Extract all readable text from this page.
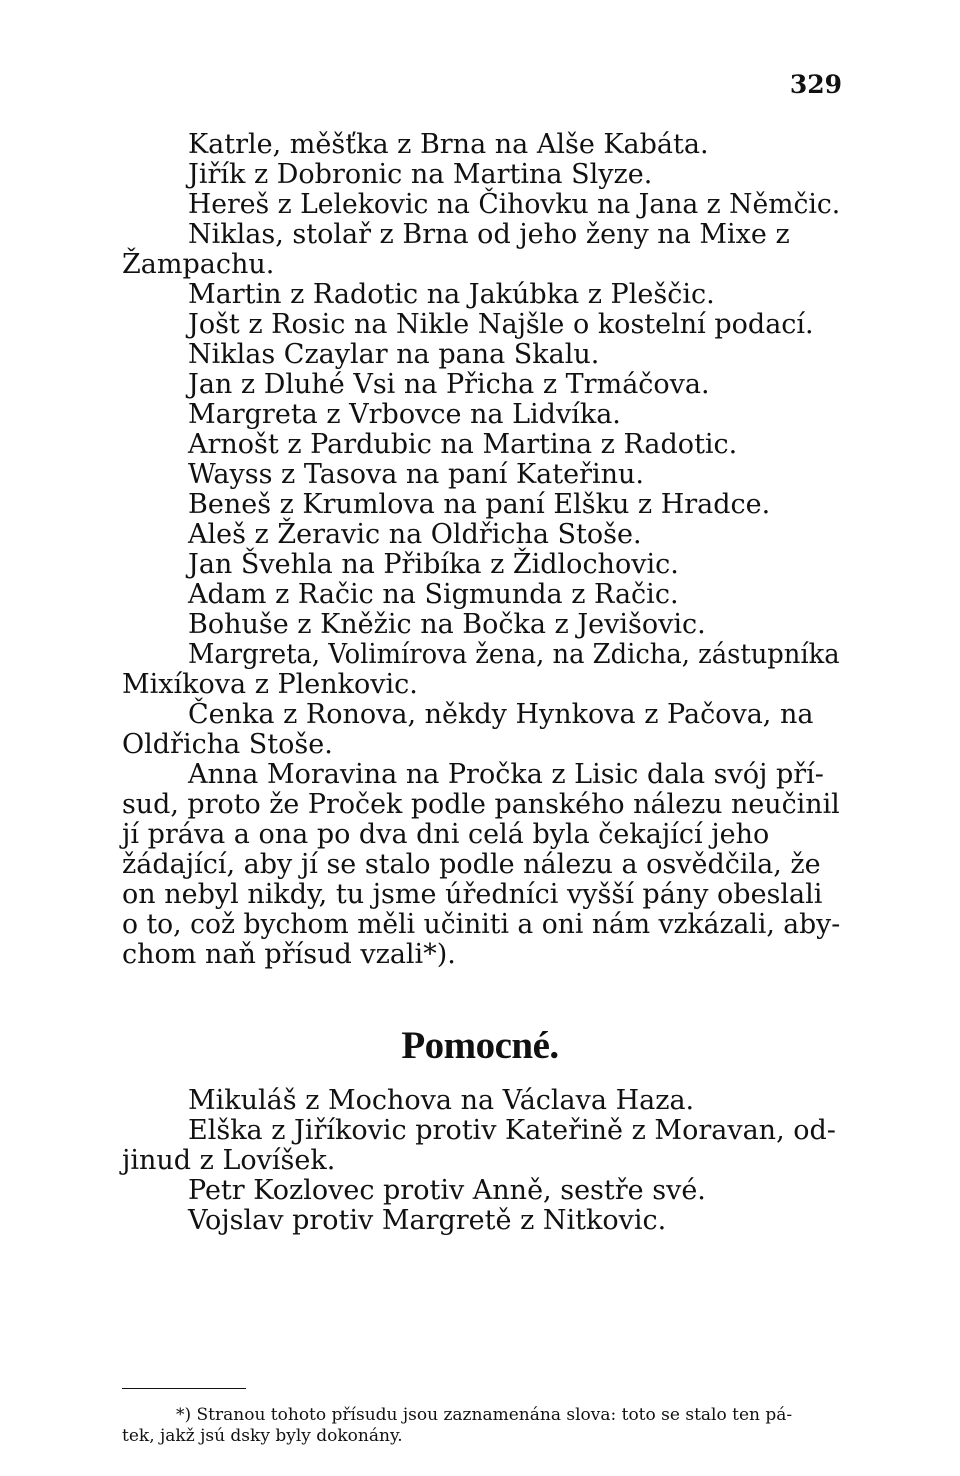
329

Katrle, měšťka z Brna na Alše Kabáta.

Jiřík z Dobronic na Martina Slyze.

Hereš z Lelekovic na Čihovku na Jana z Němčic.

Niklas, stolař z Brna od jeho ženy na Mixe z

Žampachu.

Martin z Radotic na Jakúbka z Pleščic.

Jošt z Rosic na Nikle Najšle o kostelní podací.

Niklas Czaylar na pana Skalu.

Jan z Dluhé Vsi na Přicha z Trmáčova.

Margreta z Vrbovce na Lidvíka.

Arnošt z Pardubic na Martina z Radotic.

Wayss z Tasova na paní Kateřinu.

Beneš z Krumlova na paní Elšku z Hradce.

Aleš z Žeravic na Oldřicha Stoše.

Jan Švehla na Přibíka z Židlochovic.

Adam z Račic na Sigmunda z Račic.

Bohuše z Kněžic na Bočka z Jevišovic.

Margreta, Volimírova žena, na Zdicha, zástupníka

Mixíkova z Plenkovic.

Čenka z Ronova, někdy Hynkova z Pačova, na

Oldřicha Stoše.

Anna Moravina na Pročka z Lisic dala svój pří-

sud, proto že Proček podle panského nálezu neučinil

jí práva a ona po dva dni celá byla čekající jeho

žádající, aby jí se stalo podle nálezu a osvědčila, že

on nebyl nikdy, tu jsme úředníci vyšší pány obeslali

o to, což bychom měli učiniti a oni nám vzkázali, aby-

chom naň přísud vzali*).

Pomocné.

Mikuláš z Mochova na Václava Haza.

Elška z Jiříkovic protiv Kateřině z Moravan, od-

jinud z Lovíšek.

Petr Kozlovec protiv Anně, sestře své.

Vojslav protiv Margretě z Nitkovic.

*) Stranou tohoto přísudu jsou zaznamenána slova: toto se stalo ten pá-

tek, jakž jsú dsky byly dokonány.
